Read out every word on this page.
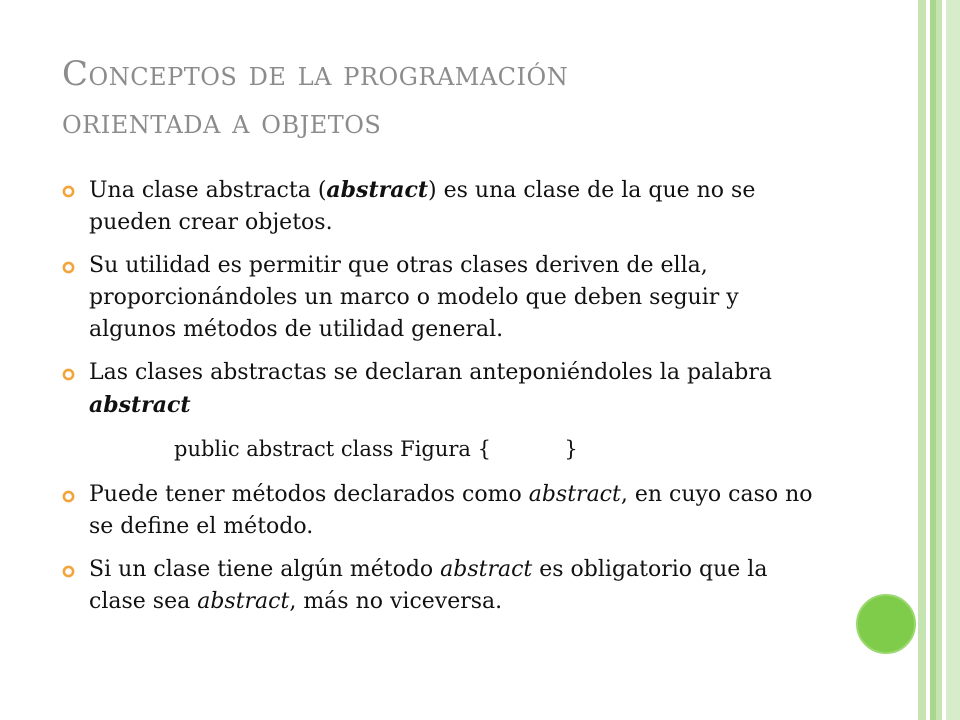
Conceptos de la programación
orientada a objetos
Una clase abstracta (abstract) es una clase de la que no se pueden crear objetos.
Su utilidad es permitir que otras clases deriven de ella, proporcionándoles un marco o modelo que deben seguir y algunos métodos de utilidad general.
Las clases abstractas se declaran anteponiéndoles la palabra abstract
public abstract class Figura {           }
Puede tener métodos declarados como abstract, en cuyo caso no se define el método.
Si un clase tiene algún método abstract es obligatorio que la clase sea abstract, más no viceversa.
